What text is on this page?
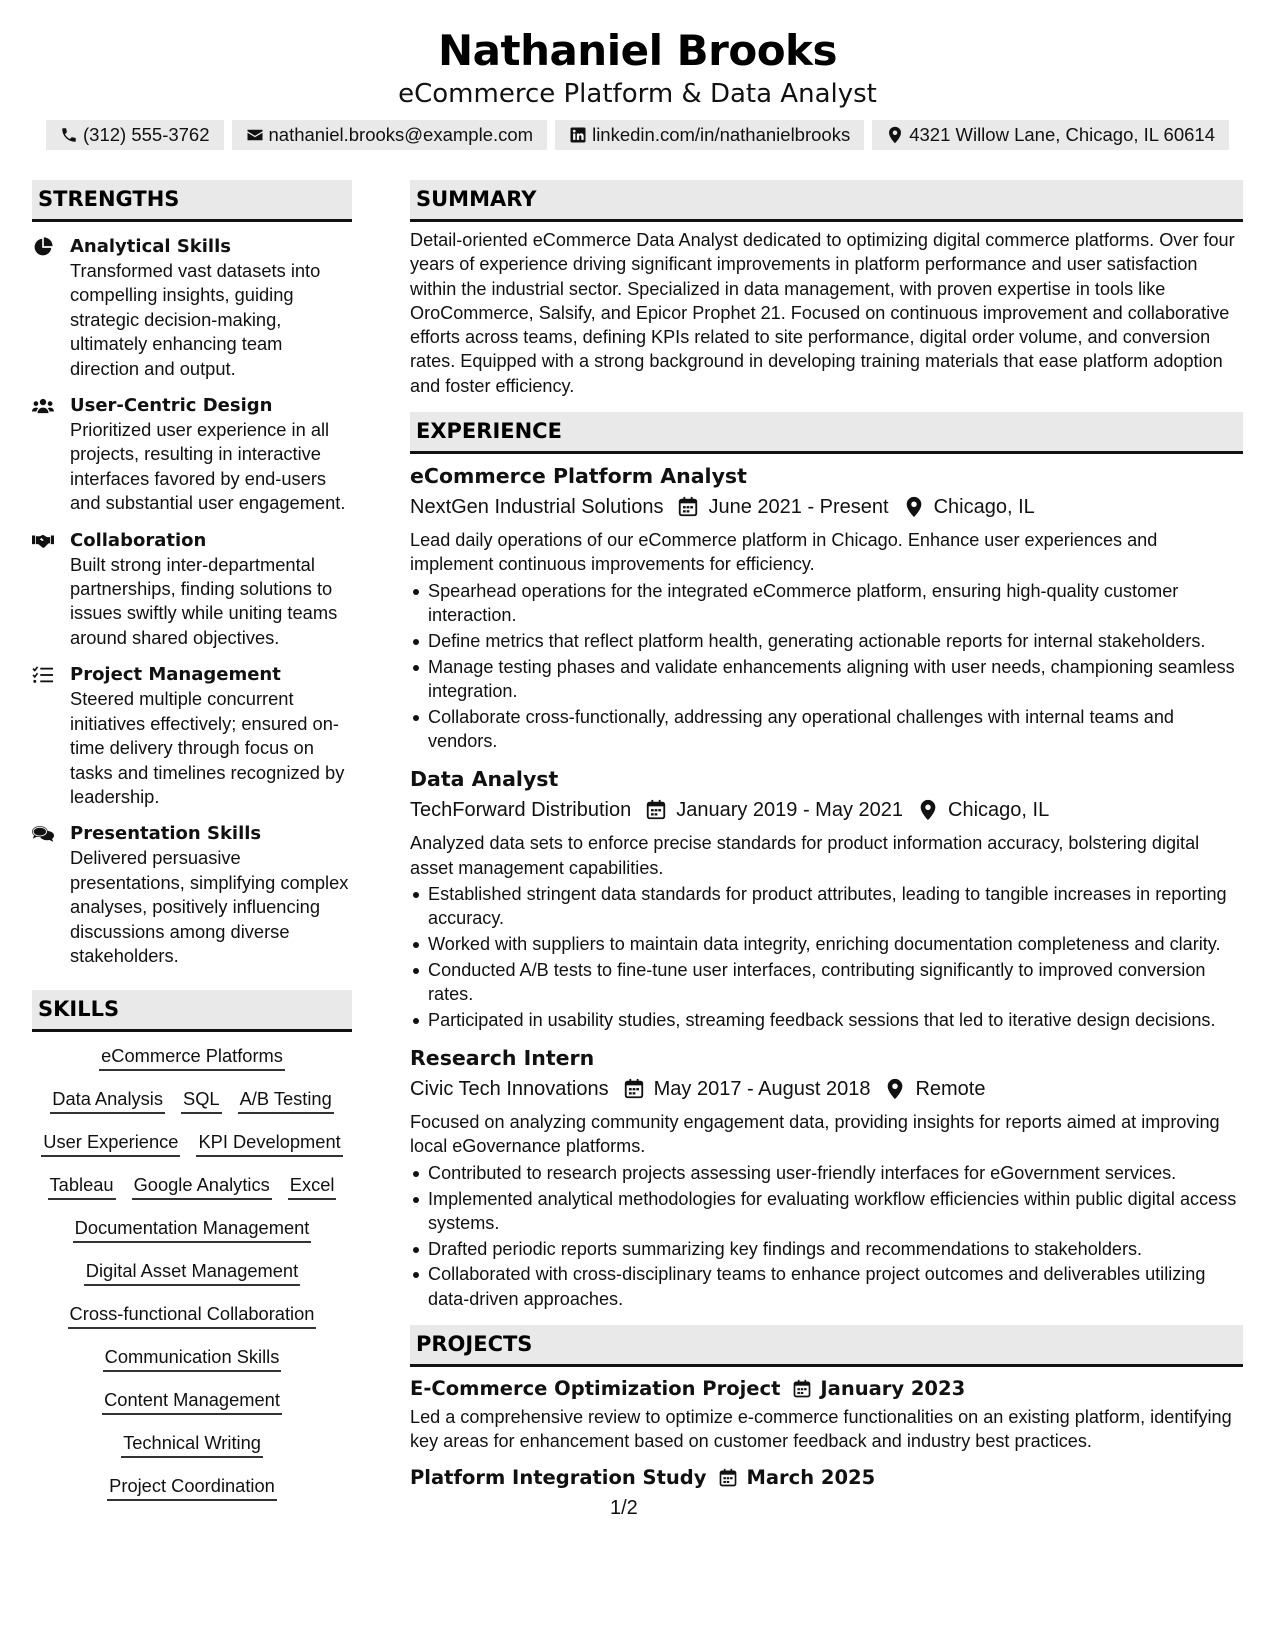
Nathaniel Brooks
eCommerce Platform & Data Analyst
(312) 555-3762	nathaniel.brooks@example.com	linkedin.com/in/nathanielbrooks	4321 Willow Lane, Chicago, IL 60614
STRENGTHS
Analytical Skills
Transformed vast datasets into compelling insights, guiding strategic decision-making, ultimately enhancing team direction and output.
User-Centric Design
Prioritized user experience in all projects, resulting in interactive interfaces favored by end-users and substantial user engagement.
Collaboration
Built strong inter-departmental partnerships, finding solutions to issues swiftly while uniting teams around shared objectives.
Project Management
Steered multiple concurrent initiatives effectively; ensured on-time delivery through focus on tasks and timelines recognized by leadership.
Presentation Skills
Delivered persuasive presentations, simplifying complex analyses, positively influencing discussions among diverse stakeholders.
SKILLS
eCommerce Platforms
Data Analysis SQL A/B Testing
User Experience KPI Development
Tableau Google Analytics Excel
Documentation Management
Digital Asset Management
Cross-functional Collaboration
Communication Skills
Content Management
Technical Writing
Project Coordination
SUMMARY
Detail-oriented eCommerce Data Analyst dedicated to optimizing digital commerce platforms. Over four years of experience driving significant improvements in platform performance and user satisfaction within the industrial sector. Specialized in data management, with proven expertise in tools like OroCommerce, Salsify, and Epicor Prophet 21. Focused on continuous improvement and collaborative efforts across teams, defining KPIs related to site performance, digital order volume, and conversion rates. Equipped with a strong background in developing training materials that ease platform adoption and foster efficiency.
EXPERIENCE
eCommerce Platform Analyst
NextGen Industrial Solutions June 2021 - Present Chicago, IL
Lead daily operations of our eCommerce platform in Chicago. Enhance user experiences and implement continuous improvements for efficiency.
Spearhead operations for the integrated eCommerce platform, ensuring high-quality customer interaction.
Define metrics that reflect platform health, generating actionable reports for internal stakeholders.
Manage testing phases and validate enhancements aligning with user needs, championing seamless integration.
Collaborate cross-functionally, addressing any operational challenges with internal teams and vendors.
Data Analyst
TechForward Distribution January 2019 - May 2021 Chicago, IL
Analyzed data sets to enforce precise standards for product information accuracy, bolstering digital asset management capabilities.
Established stringent data standards for product attributes, leading to tangible increases in reporting accuracy.
Worked with suppliers to maintain data integrity, enriching documentation completeness and clarity.
Conducted A/B tests to fine-tune user interfaces, contributing significantly to improved conversion rates.
Participated in usability studies, streaming feedback sessions that led to iterative design decisions.
Research Intern
Civic Tech Innovations May 2017 - August 2018 Remote
Focused on analyzing community engagement data, providing insights for reports aimed at improving local eGovernance platforms.
Contributed to research projects assessing user-friendly interfaces for eGovernment services.
Implemented analytical methodologies for evaluating workflow efficiencies within public digital access systems.
Drafted periodic reports summarizing key findings and recommendations to stakeholders.
Collaborated with cross-disciplinary teams to enhance project outcomes and deliverables utilizing data-driven approaches.
PROJECTS
E-Commerce Optimization Project January 2023
Led a comprehensive review to optimize e-commerce functionalities on an existing platform, identifying key areas for enhancement based on customer feedback and industry best practices.
Platform Integration Study March 2025
1/2
